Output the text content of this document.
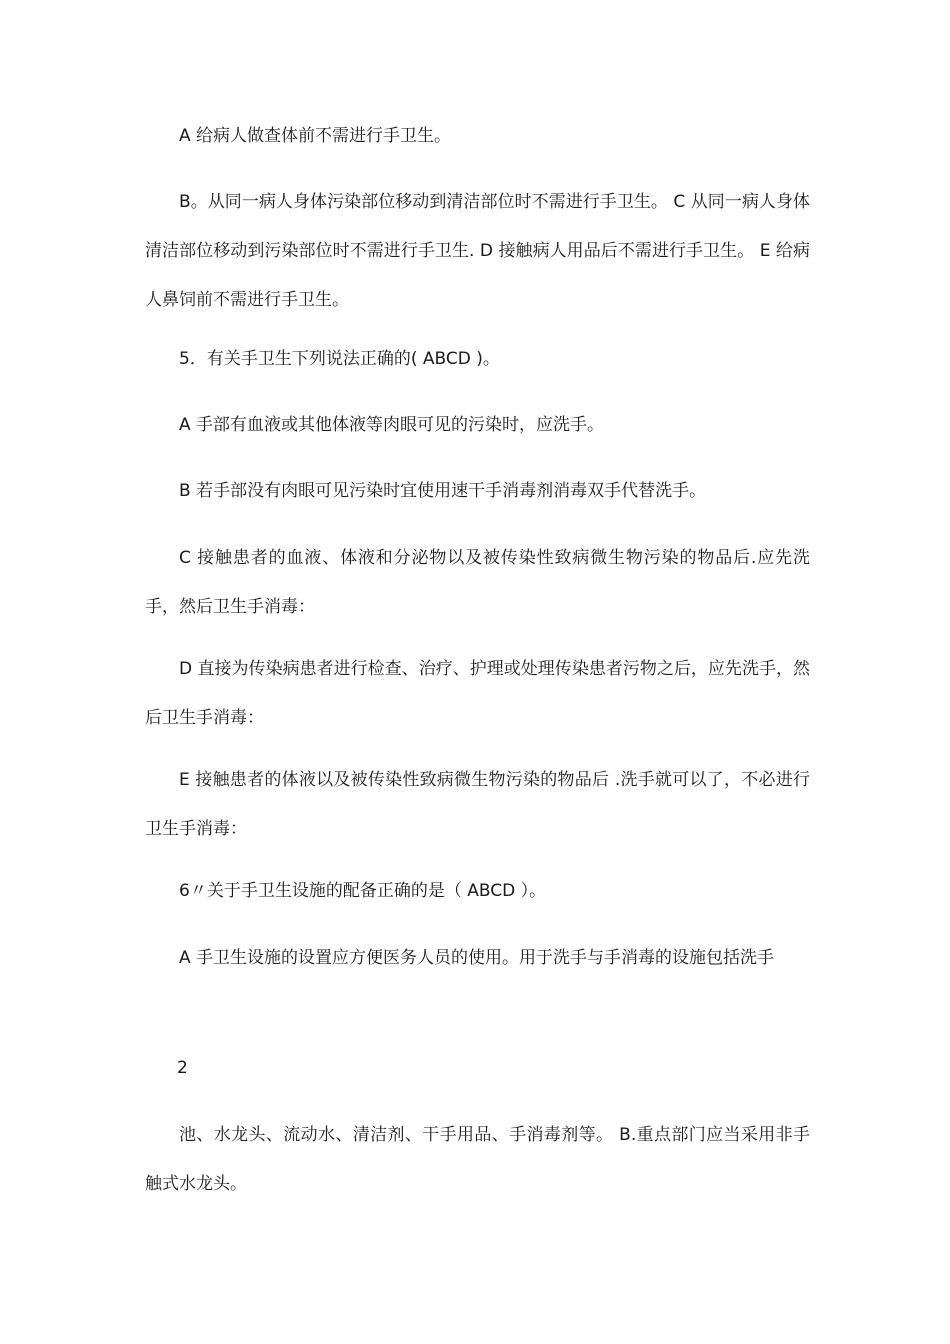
A 给病人做查体前不需进行手卫生。

B。从同一病人身体污染部位移动到清洁部位时不需进行手卫生。 C 从同一病人身体清洁部位移动到污染部位时不需进行手卫生. D 接触病人用品后不需进行手卫生。 E 给病人鼻饲前不需进行手卫生。

5．有关手卫生下列说法正确的( ABCD )。

A 手部有血液或其他体液等肉眼可见的污染时，应洗手。

B 若手部没有肉眼可见污染时宜使用速干手消毒剂消毒双手代替洗手。

C 接触患者的血液、体液和分泌物以及被传染性致病微生物污染的物品后.应先洗手，然后卫生手消毒：

D 直接为传染病患者进行检查、治疗、护理或处理传染患者污物之后，应先洗手，然后卫生手消毒：

E 接触患者的体液以及被传染性致病微生物污染的物品后 .洗手就可以了，不必进行卫生手消毒：

6〃关于手卫生设施的配备正确的是（ ABCD ）。

A 手卫生设施的设置应方便医务人员的使用。用于洗手与手消毒的设施包括洗手

2

池、水龙头、流动水、清洁剂、干手用品、手消毒剂等。 B.重点部门应当采用非手触式水龙头。
